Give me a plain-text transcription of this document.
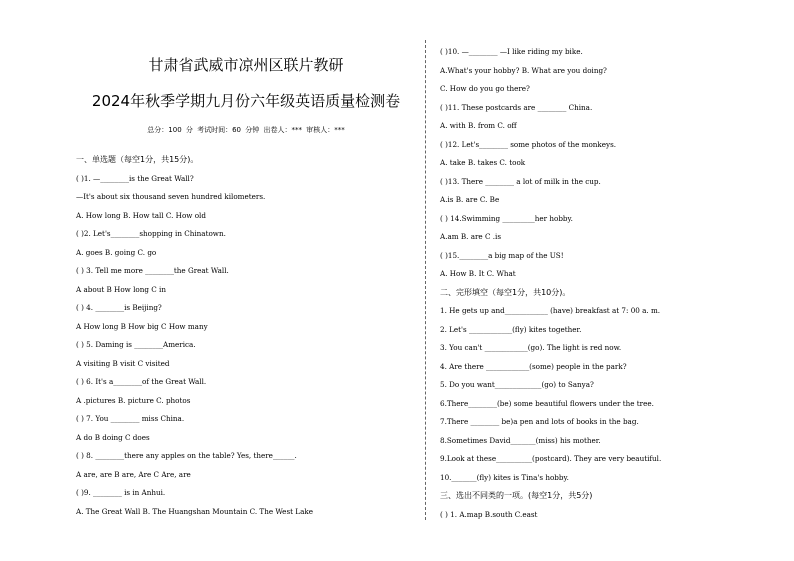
甘肃省武威市凉州区联片教研
2024年秋季学期九月份六年级英语质量检测卷
总分：100 分 考试时间：60 分钟 出卷人：*** 审核人：***
一、单选题（每空1分，共15分)。
( )1. —________is the Great Wall?
—It's about six thousand seven hundred kilometers.
A. How long B. How tall C. How old
( )2. Let's________shopping in Chinatown.
A. goes B. going C. go
( ) 3. Tell me more ________the Great Wall.
A about B How long C in
( ) 4. ________is Beijing?
A How long B How big C How many
( ) 5. Daming is ________America.
A visiting B visit C visited
( ) 6. It's a________of the Great Wall.
A .pictures B. picture C. photos
( ) 7. You ________ miss China.
A do B doing C does
( ) 8. ________there any apples on the table? Yes, there______.
A are, are B are, Are C Are, are
( )9. ________ is in Anhui.
A. The Great Wall B. The Huangshan Mountain C. The West Lake
( )10. —________ —I like riding my bike.
A.What's your hobby? B. What are you doing?
C. How do you go there?
( )11. These postcards are ________ China.
A. with B. from C. off
( )12. Let's________ some photos of the monkeys.
A. take B. takes C. took
( )13. There ________ a lot of milk in the cup.
A.is B. are C. Be
( ) 14.Swimming _________her hobby.
A.am B. are C .is
( )15.________a big map of the US!
A. How B. It C. What
二、完形填空（每空1分，共10分)。
1. He gets up and____________ (have) breakfast at 7: 00 a. m.
2. Let's ____________(fly) kites together.
3. You can't ____________(go). The light is red now.
4. Are there ____________(some) people in the park?
5. Do you want_____________(go) to Sanya?
6.There________(be) some beautiful flowers under the tree.
7.There ________ be)a pen and lots of books in the bag.
8.Sometimes David_______(miss) his mother.
9.Look at these__________(postcard). They are very beautiful.
10._______(fly) kites is Tina's hobby.
三、选出不同类的一项。(每空1分，共5分)
( ) 1. A.map B.south C.east
